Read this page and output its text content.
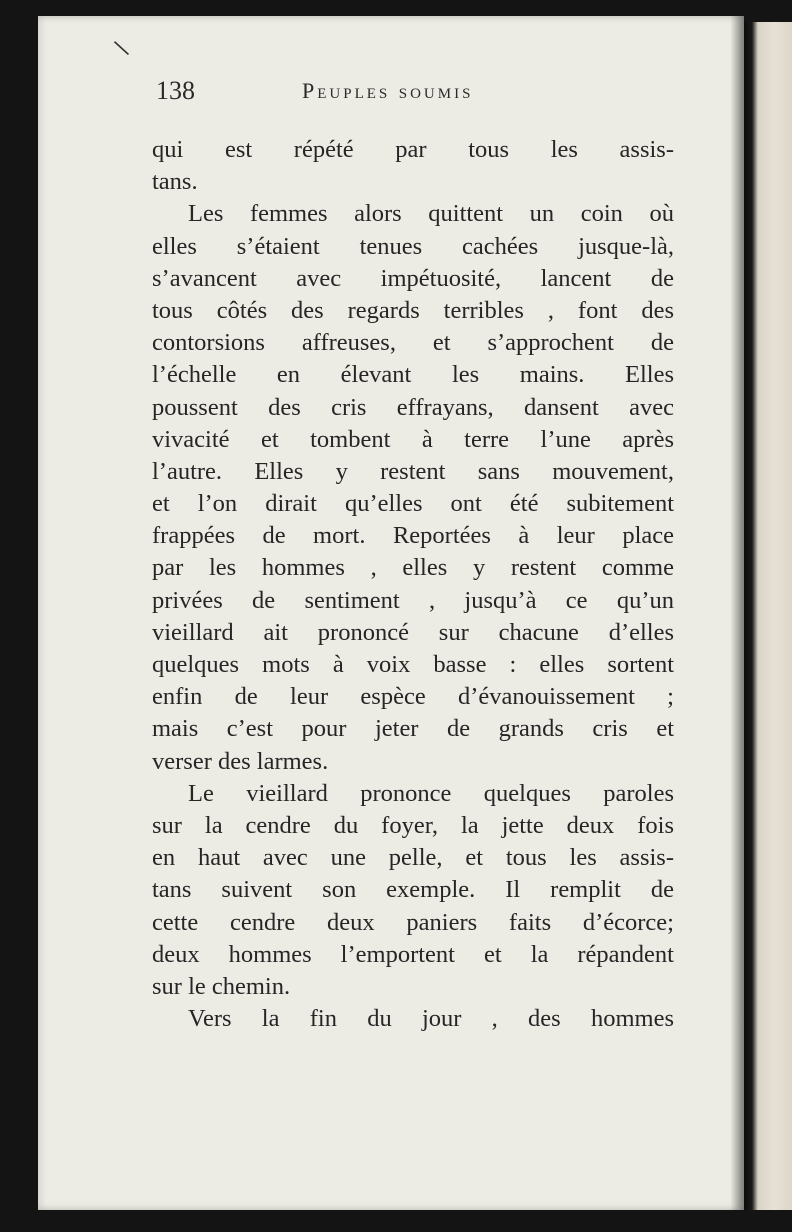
\
138	Peuples soumis
qui est répété par tous les assis-
tans.
Les femmes alors quittent un coin où
elles s’étaient tenues cachées jusque-là,
s’avancent avec impétuosité, lancent de
tous côtés des regards terribles , font des
contorsions affreuses, et s’approchent de
l’échelle en élevant les mains. Elles
poussent des cris effrayans, dansent avec
vivacité et tombent à terre l’une après
l’autre. Elles y restent sans mouvement,
et l’on dirait qu’elles ont été subitement
frappées de mort. Reportées à leur place
par les hommes , elles y restent comme
privées de sentiment , jusqu’à ce qu’un
vieillard ait prononcé sur chacune d’elles
quelques mots à voix basse : elles sortent
enfin de leur espèce d’évanouissement ;
mais c’est pour jeter de grands cris et
verser des larmes.
Le vieillard prononce quelques paroles
sur la cendre du foyer, la jette deux fois
en haut avec une pelle, et tous les assis-
tans suivent son exemple. Il remplit de
cette cendre deux paniers faits d’écorce;
deux hommes l’emportent et la répandent
sur le chemin.
Vers la fin du jour , des hommes
